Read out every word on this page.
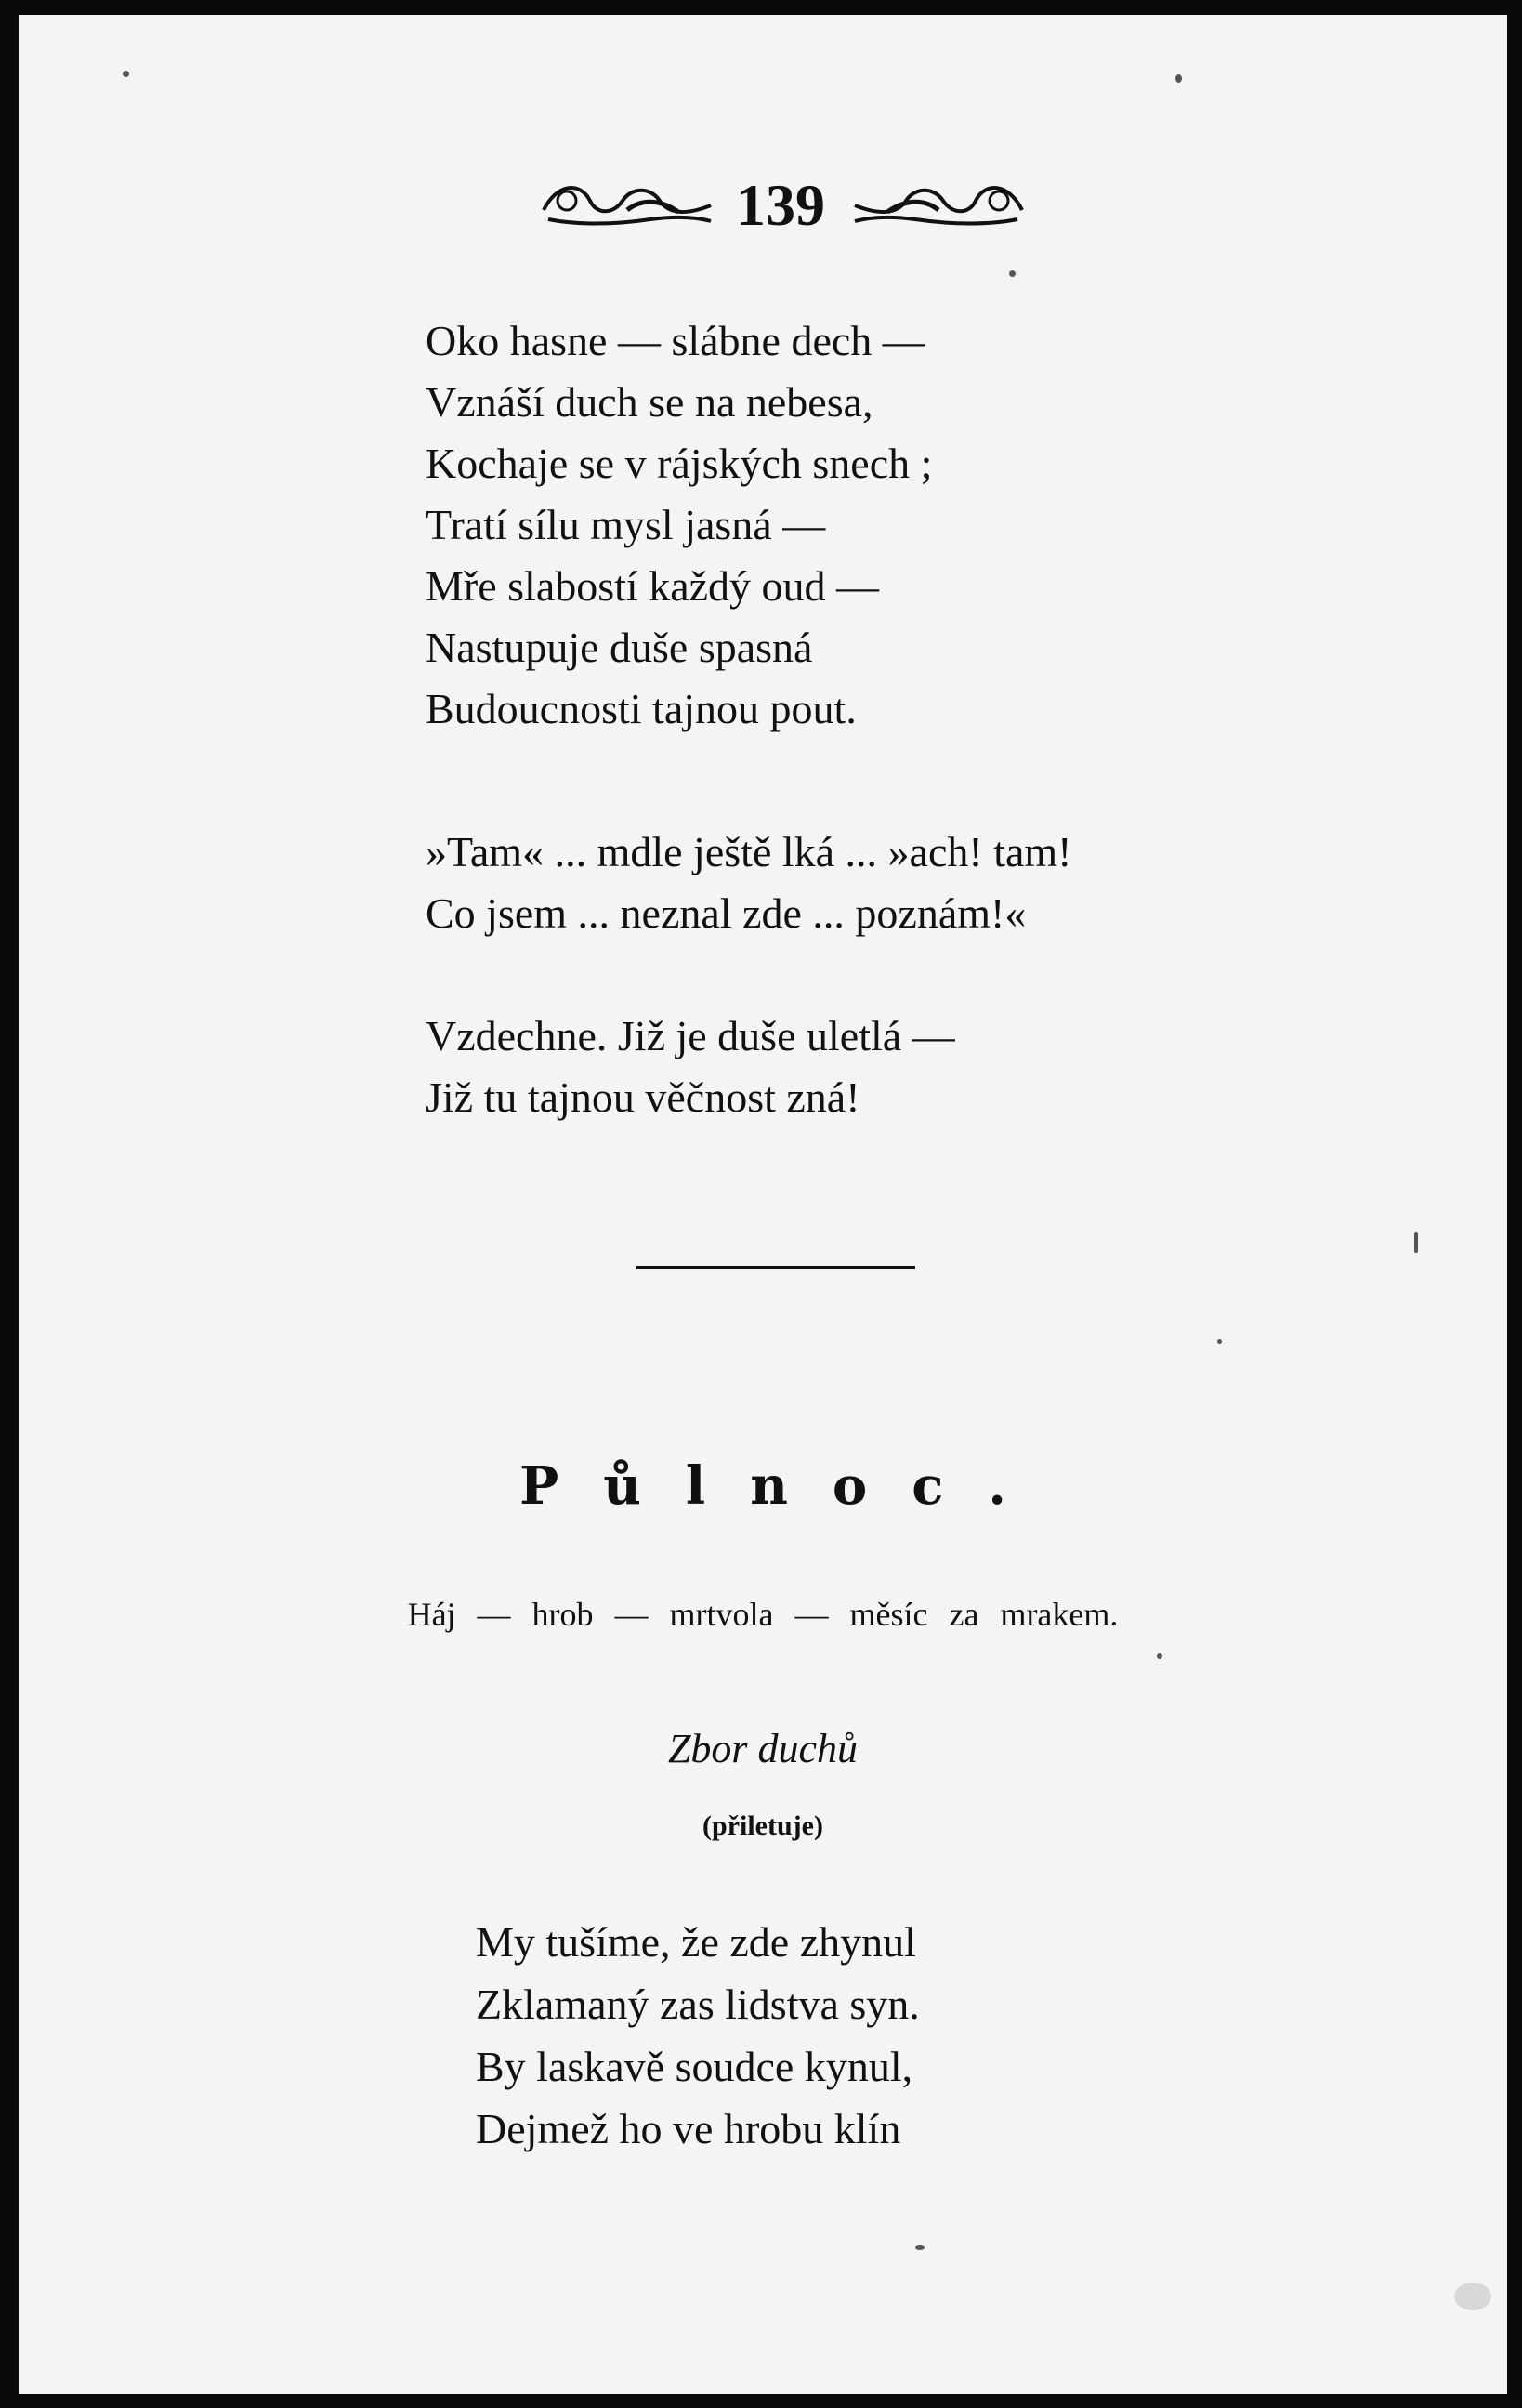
139
Oko hasne — slábne dech —
Vznáší duch se na nebesa,
Kochaje se v rájských snech ;
Tratí sílu mysl jasná —
Mře slabostí každý oud —
Nastupuje duše spasná
Budoucnosti tajnou pout.
»Tam« ... mdle ještě lká ... »ach! tam!
Co jsem ... neznal zde ... poznám!«
Vzdechne. Již je duše uletlá —
Již tu tajnou věčnost zná!
Půlnoc.
Háj — hrob — mrtvola — měsíc za mrakem.
Zbor duchů
(přiletuje)
My tušíme, že zde zhynul
Zklamaný zas lidstva syn.
By laskavě soudce kynul,
Dejmež ho ve hrobu klín
